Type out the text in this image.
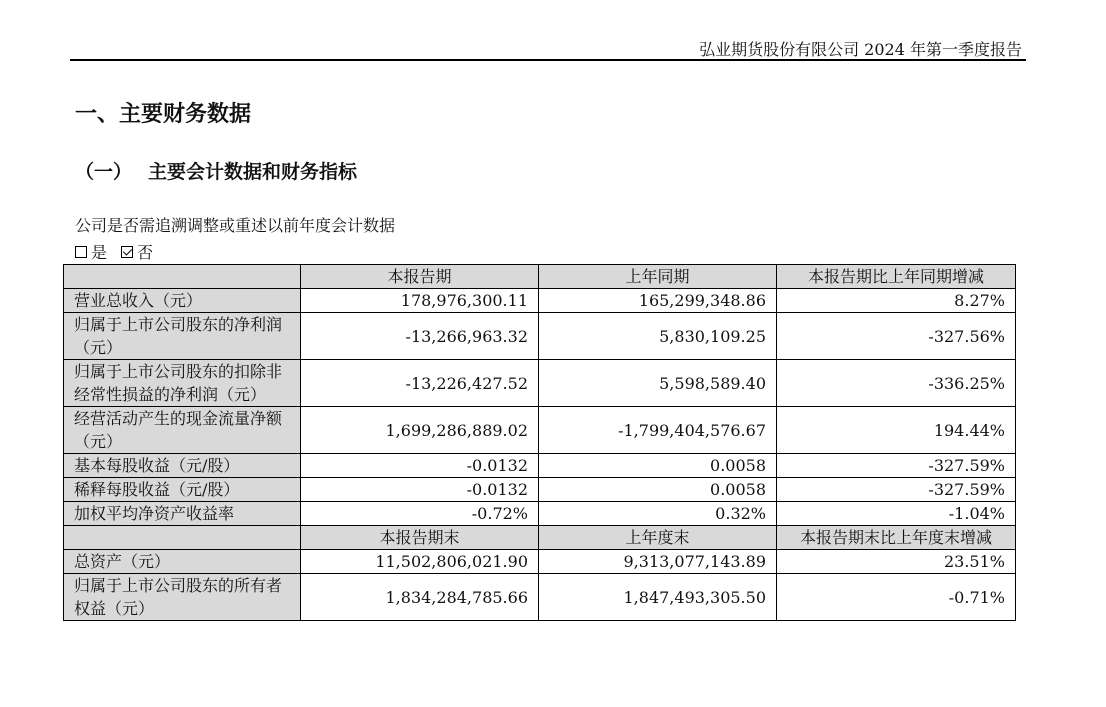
弘业期货股份有限公司 2024 年第一季度报告
一、主要财务数据
（一） 主要会计数据和财务指标
公司是否需追溯调整或重述以前年度会计数据
是 否
	本报告期	上年同期	本报告期比上年同期增减
营业总收入（元）	178,976,300.11	165,299,348.86	8.27%
归属于上市公司股东的净利润（元）	-13,266,963.32	5,830,109.25	-327.56%
归属于上市公司股东的扣除非经常性损益的净利润（元）	-13,226,427.52	5,598,589.40	-336.25%
经营活动产生的现金流量净额（元）	1,699,286,889.02	-1,799,404,576.67	194.44%
基本每股收益（元/股）	-0.0132	0.0058	-327.59%
稀释每股收益（元/股）	-0.0132	0.0058	-327.59%
加权平均净资产收益率	-0.72%	0.32%	-1.04%
	本报告期末	上年度末	本报告期末比上年度末增减
总资产（元）	11,502,806,021.90	9,313,077,143.89	23.51%
归属于上市公司股东的所有者权益（元）	1,834,284,785.66	1,847,493,305.50	-0.71%
